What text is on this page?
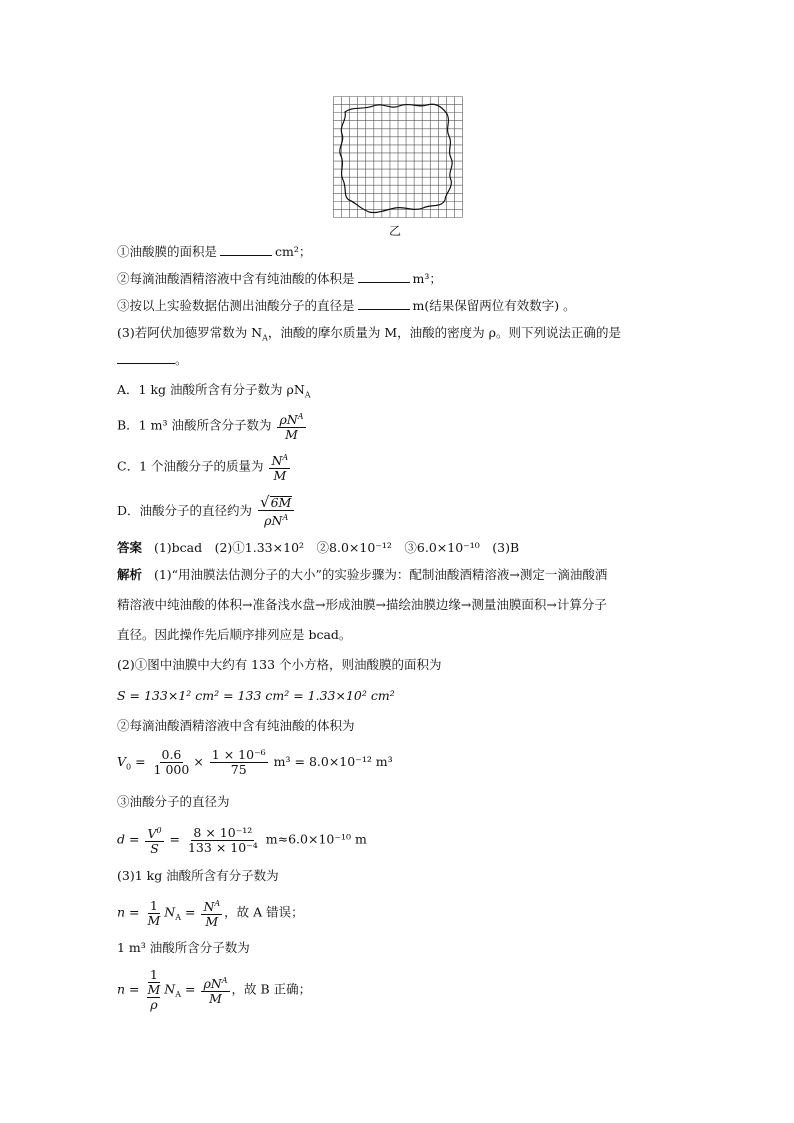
乙
①油酸膜的面积是	cm²；
②每滴油酸酒精溶液中含有纯油酸的体积是	m³；
③按以上实验数据估测出油酸分子的直径是	m(结果保留两位有效数字) 。
(3)若阿伏加德罗常数为 $N_A$，油酸的摩尔质量为 M，油酸的密度为 ρ。则下列说法正确的是
。
A．1 kg 油酸所含有分子数为 $\rho N_A$
B．1 m³ 油酸所含分子数为 $\frac{\rho N^A}{M}$
C．1 个油酸分子的质量为 $\frac{N^A}{M}$
D．油酸分子的直径约为 $\frac{√ 6M}{\rho N^A}$
答案 (1)bcad　(2)①1.33×10²　②8.0×10⁻¹²　③6.0×10⁻¹⁰　(3)B
解析 (1)“用油膜法估测分子的大小”的实验步骤为：配制油酸酒精溶液→测定一滴油酸酒
精溶液中纯油酸的体积→准备浅水盘→形成油膜→描绘油膜边缘→测量油膜面积→计算分子
直径。因此操作先后顺序排列应是 bcad。
(2)①图中油膜中大约有 133 个小方格，则油酸膜的面积为
S = 133×1² cm² = 133 cm² = 1.33×10² cm²
②每滴油酸酒精溶液中含有纯油酸的体积为
$V_0 = \frac{0.6}{1 000} \times \frac{\text{1 × 10⁻⁶}}{75} m^3 = 8.0\times 10^{-12}$ m³
③油酸分子的直径为
$d = \frac{V^0}{S} = \frac{\text{8 × 10⁻¹²}}{\text{133 × 10⁻⁴}} m\approx 6.0\times 10^{-10}$ m
(3)1 kg 油酸所含有分子数为
$n = \frac{1}{M} N_A = \frac{N^A}{M}$ ，故 A 错误；
1 m³ 油酸所含分子数为
n = 1
M
ρ $N_A = \frac{\rho N^A}{M}$ ，故 B 正确；
